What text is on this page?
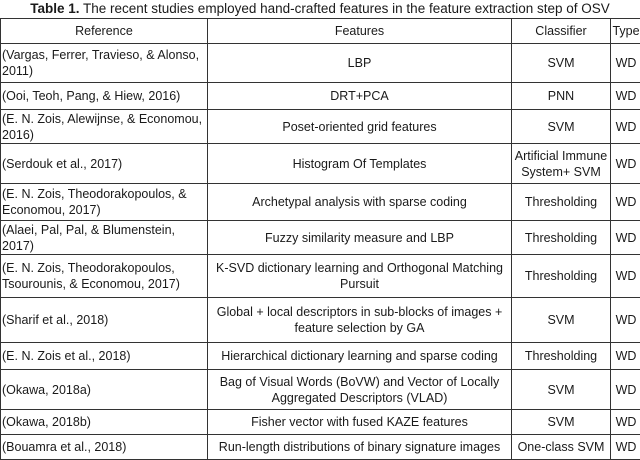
Table 1. The recent studies employed hand-crafted features in the feature extraction step of OSV
Reference	Features	Classifier	Type
(Vargas, Ferrer, Travieso, & Alonso, 2011)	LBP	SVM	WD
(Ooi, Teoh, Pang, & Hiew, 2016)	DRT+PCA	PNN	WD
(E. N. Zois, Alewijnse, & Economou, 2016)	Poset-oriented grid features	SVM	WD
(Serdouk et al., 2017)	Histogram Of Templates	Artificial Immune System+ SVM	WD
(E. N. Zois, Theodorakopoulos, & Economou, 2017)	Archetypal analysis with sparse coding	Thresholding	WD
(Alaei, Pal, Pal, & Blumenstein, 2017)	Fuzzy similarity measure and LBP	Thresholding	WD
(E. N. Zois, Theodorakopoulos, Tsourounis, & Economou, 2017)	K-SVD dictionary learning and Orthogonal Matching Pursuit	Thresholding	WD
(Sharif et al., 2018)	Global + local descriptors in sub-blocks of images + feature selection by GA	SVM	WD
(E. N. Zois et al., 2018)	Hierarchical dictionary learning and sparse coding	Thresholding	WD
(Okawa, 2018a)	Bag of Visual Words (BoVW) and Vector of Locally Aggregated Descriptors (VLAD)	SVM	WD
(Okawa, 2018b)	Fisher vector with fused KAZE features	SVM	WD
(Bouamra et al., 2018)	Run-length distributions of binary signature images	One-class SVM	WD
